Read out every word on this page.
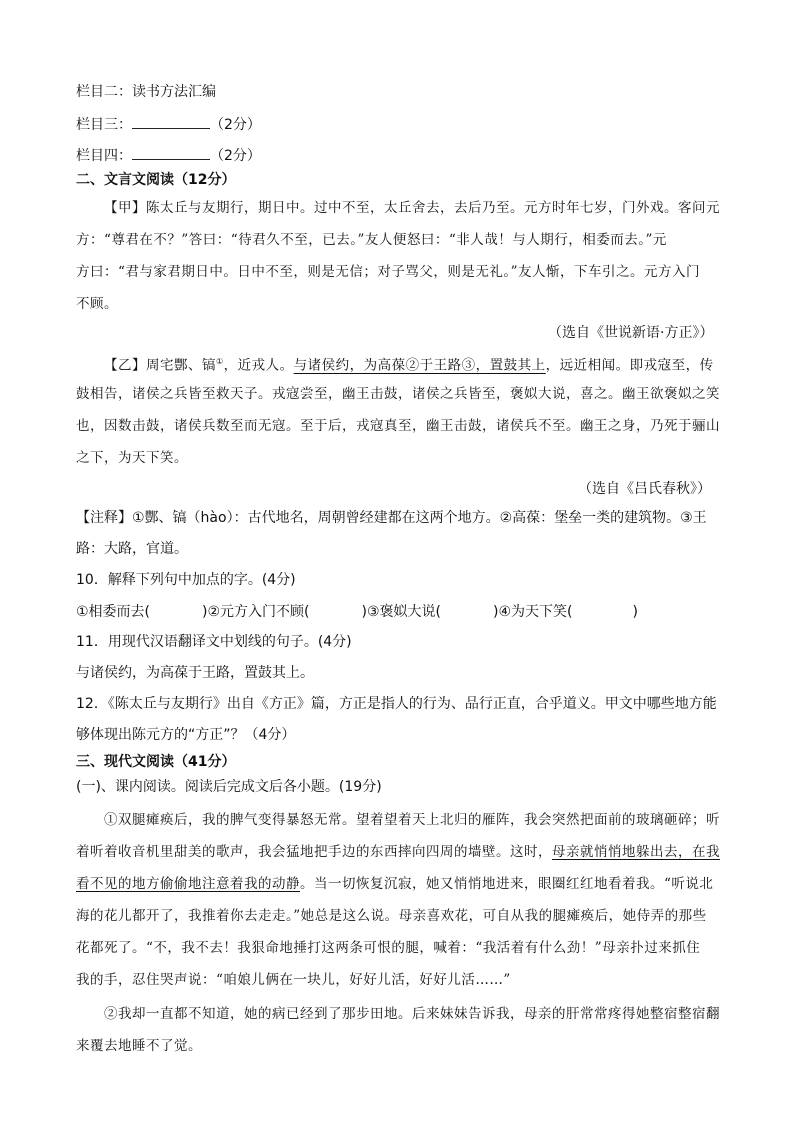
栏目二：读书方法汇编
栏目三：	（2分）
栏目四：	（2分）
二、文言文阅读（12分）
【甲】陈太丘与友期行，期日中。过中不至，太丘舍去，去后乃至。元方时年七岁，门外戏。客问元
方：“尊君在不？”答曰：“待君久不至，已去。”友人便怒曰：“非人哉！与人期行，相委而去。”元
方曰：“君与家君期日中。日中不至，则是无信；对子骂父，则是无礼。”友人惭，下车引之。元方入门
不顾。
（选自《世说新语·方正》）
【乙】周宅酆、镐①，近戎人。与诸侯约，为高葆②于王路③，置鼓其上，远近相闻。即戎寇至，传
鼓相告，诸侯之兵皆至救天子。戎寇尝至，幽王击鼓，诸侯之兵皆至，褒姒大说，喜之。幽王欲褒姒之笑
也，因数击鼓，诸侯兵数至而无寇。至于后，戎寇真至，幽王击鼓，诸侯兵不至。幽王之身，乃死于骊山
之下，为天下笑。
（选自《吕氏春秋》）
【注释】①酆、镐（hào）：古代地名，周朝曾经建都在这两个地方。②高葆：堡垒一类的建筑物。③王
路：大路，官道。
10．解释下列句中加点的字。(4分)
①相委而去(	)②元方入门不顾(	)③褒姒大说(	)④为天下笑(	)
11．用现代汉语翻译文中划线的句子。(4分)
与诸侯约，为高葆于王路，置鼓其上。
12．《陈太丘与友期行》出自《方正》篇，方正是指人的行为、品行正直，合乎道义。甲文中哪些地方能
够体现出陈元方的“方正”？（4分）
三、现代文阅读（41分）
(一)、课内阅读。阅读后完成文后各小题。(19分)
①双腿瘫痪后，我的脾气变得暴怒无常。望着望着天上北归的雁阵，我会突然把面前的玻璃砸碎；听
着听着收音机里甜美的歌声，我会猛地把手边的东西摔向四周的墙壁。这时，母亲就悄悄地躲出去，在我
看不见的地方偷偷地注意着我的动静。当一切恢复沉寂，她又悄悄地进来，眼圈红红地看着我。“听说北
海的花儿都开了，我推着你去走走。”她总是这么说。母亲喜欢花，可自从我的腿瘫痪后，她侍弄的那些
花都死了。“不，我不去！我狠命地捶打这两条可恨的腿，喊着：“我活着有什么劲！”母亲扑过来抓住
我的手，忍住哭声说：“咱娘儿俩在一块儿，好好儿活，好好儿活……”
②我却一直都不知道，她的病已经到了那步田地。后来妹妹告诉我，母亲的肝常常疼得她整宿整宿翻
来覆去地睡不了觉。
